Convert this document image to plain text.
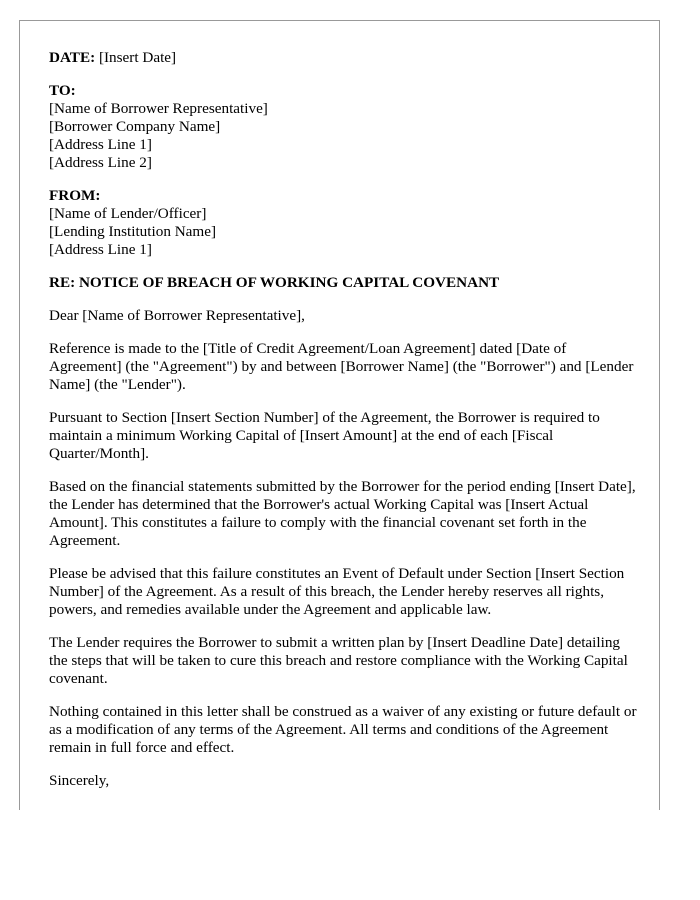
DATE: [Insert Date]
TO:
[Name of Borrower Representative]
[Borrower Company Name]
[Address Line 1]
[Address Line 2]
FROM:
[Name of Lender/Officer]
[Lending Institution Name]
[Address Line 1]
RE: NOTICE OF BREACH OF WORKING CAPITAL COVENANT

Dear [Name of Borrower Representative],

Reference is made to the [Title of Credit Agreement/Loan Agreement] dated [Date of Agreement] (the "Agreement") by and between [Borrower Name] (the "Borrower") and [Lender Name] (the "Lender").

Pursuant to Section [Insert Section Number] of the Agreement, the Borrower is required to maintain a minimum Working Capital of [Insert Amount] at the end of each [Fiscal Quarter/Month].

Based on the financial statements submitted by the Borrower for the period ending [Insert Date], the Lender has determined that the Borrower's actual Working Capital was [Insert Actual Amount]. This constitutes a failure to comply with the financial covenant set forth in the Agreement.

Please be advised that this failure constitutes an Event of Default under Section [Insert Section Number] of the Agreement. As a result of this breach, the Lender hereby reserves all rights, powers, and remedies available under the Agreement and applicable law.

The Lender requires the Borrower to submit a written plan by [Insert Deadline Date] detailing the steps that will be taken to cure this breach and restore compliance with the Working Capital covenant.

Nothing contained in this letter shall be construed as a waiver of any existing or future default or as a modification of any terms of the Agreement. All terms and conditions of the Agreement remain in full force and effect.

Sincerely,
